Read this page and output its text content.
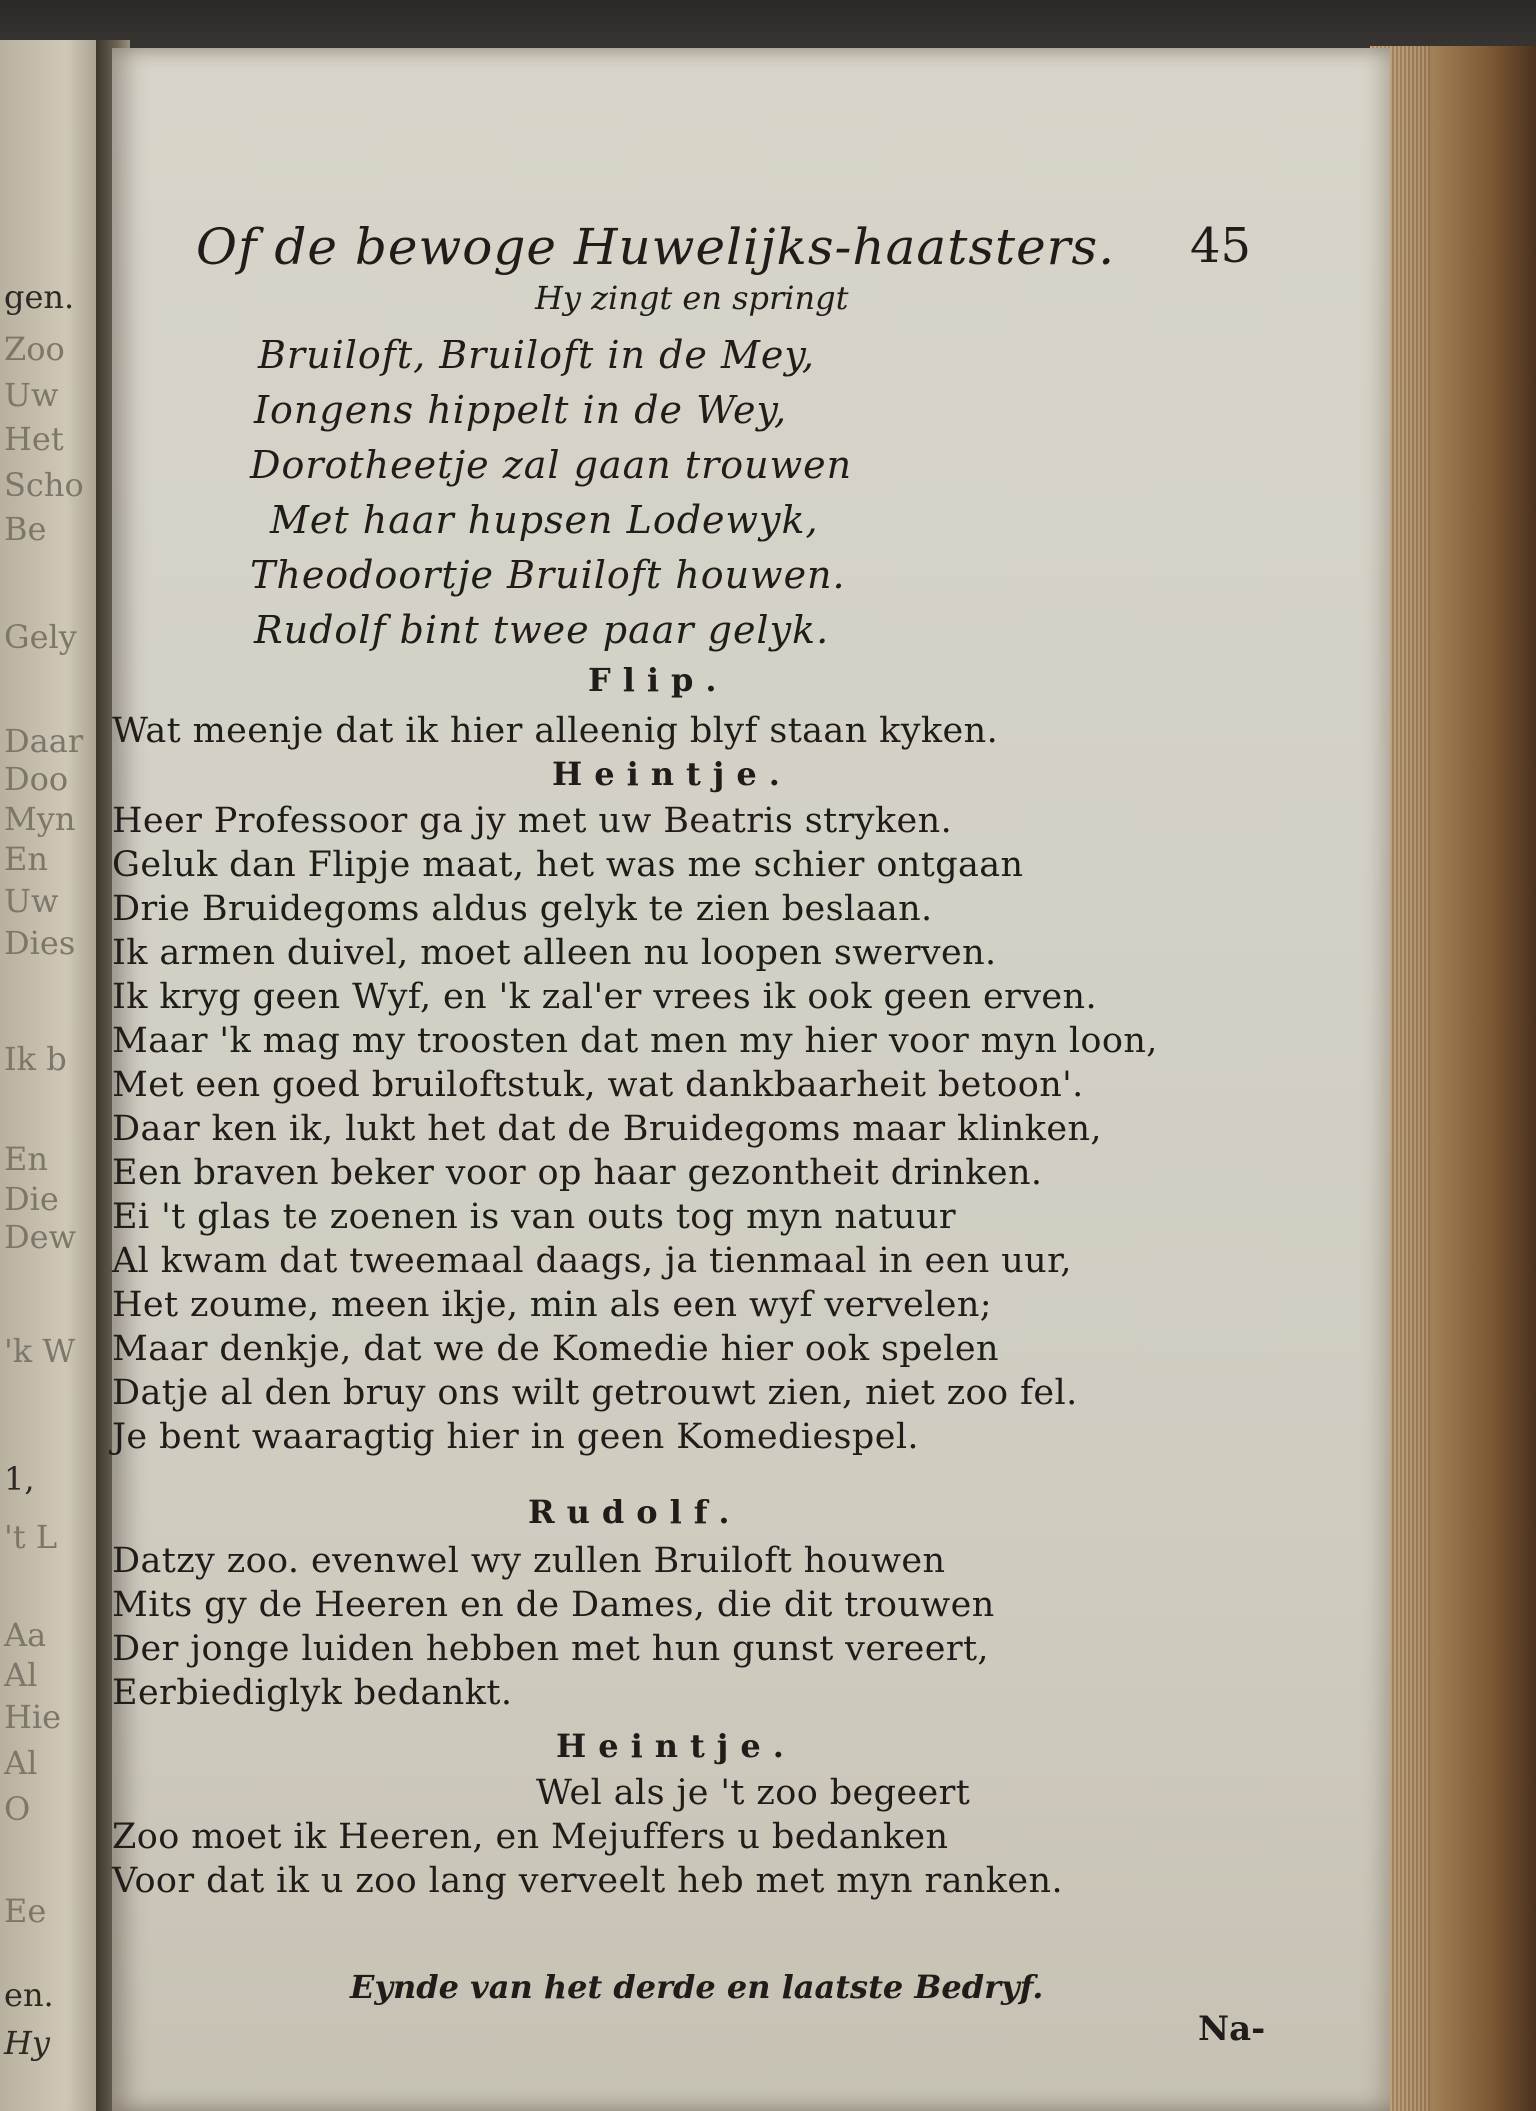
gen.
Zoo
Uw
Het
Scho
Be
Gely
Daar
Doo
Myn
En
Uw
Dies
Ik b
En
Die
Dew
'k W
1,
't L
Aa
Al
Hie
Al
O
Ee
en.
Hy
Of de bewoge Huwelijks-haatsters. 45
Hy zingt en springt
Bruiloft, Bruiloft in de Mey,
Iongens hippelt in de Wey,
Dorotheetje zal gaan trouwen
Met haar hupsen Lodewyk,
Theodoortje Bruiloft houwen.
Rudolf bint twee paar gelyk.
Flip.
Wat meenje dat ik hier alleenig blyf staan kyken.
Heintje.
Heer Professoor ga jy met uw Beatris stryken.
Geluk dan Flipje maat, het was me schier ontgaan
Drie Bruidegoms aldus gelyk te zien beslaan.
Ik armen duivel, moet alleen nu loopen swerven.
Ik kryg geen Wyf, en 'k zal'er vrees ik ook geen erven.
Maar 'k mag my troosten dat men my hier voor myn loon,
Met een goed bruiloftstuk, wat dankbaarheit betoon'.
Daar ken ik, lukt het dat de Bruidegoms maar klinken,
Een braven beker voor op haar gezontheit drinken.
Ei 't glas te zoenen is van outs tog myn natuur
Al kwam dat tweemaal daags, ja tienmaal in een uur,
Het zoume, meen ikje, min als een wyf vervelen;
Maar denkje, dat we de Komedie hier ook spelen
Datje al den bruy ons wilt getrouwt zien, niet zoo fel.
Je bent waaragtig hier in geen Komediespel.
Rudolf.
Datzy zoo. evenwel wy zullen Bruiloft houwen
Mits gy de Heeren en de Dames, die dit trouwen
Der jonge luiden hebben met hun gunst vereert,
Eerbiediglyk bedankt.
Heintje.
Wel als je 't zoo begeert
Zoo moet ik Heeren, en Mejuffers u bedanken
Voor dat ik u zoo lang verveelt heb met myn ranken.
Eynde van het derde en laatste Bedryf.
Na-
